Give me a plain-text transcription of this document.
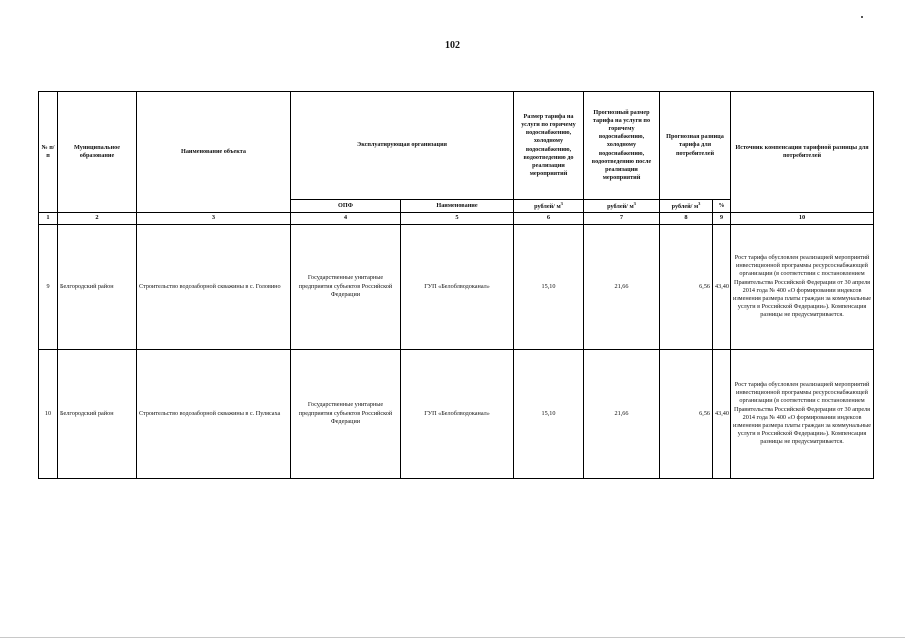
102
№ п/п	Муниципальное образование	Наименование объекта	Эксплуатирующая организация		Размер тарифа на услуги по горячему водоснабжению, холодному водоснабжению, водоотведению до реализации мероприятий	Прогнозный размер тарифа на услуги по горячему водоснабжению, холодному водоснабжению, водоотведению после реализации мероприятий	Прогнозная разница тарифа для потребителей		Источник компенсации тарифной разницы для потребителей
			ОПФ	Наименование	рублей/ $м^3$	рублей/ $м^3$	рублей/ $м^3$	%	
1	2	3	4	5	6	7	8	9	10
9	Белгородский район	Строительство водозаборной скважины в с. Головино	Государственные унитарные предприятия субъектов Российской Федерации	ГУП «Белоблводоканал»	15,10	21,66	6,56	43,40	Рост тарифа обусловлен реализацией мероприятий инвестиционной программы ресурсоснабжающей организации (в соответствии с постановлением Правительства Российской Федерации от 30 апреля 2014 года № 400 «О формировании индексов изменения размера платы граждан за коммунальные услуги в Российской Федерации»). Компенсация разницы не предусматривается.
10	Белгородский район	Строительство водозаборной скважины в с. Пулясаха	Государственные унитарные предприятия субъектов Российской Федерации	ГУП «Белоблводоканал»	15,10	21,66	6,56	43,40	Рост тарифа обусловлен реализацией мероприятий инвестиционной программы ресурсоснабжающей организации (в соответствии с постановлением Правительства Российской Федерации от 30 апреля 2014 года № 400 «О формировании индексов изменения размера платы граждан за коммунальные услуги в Российской Федерации»). Компенсация разницы не предусматривается.
